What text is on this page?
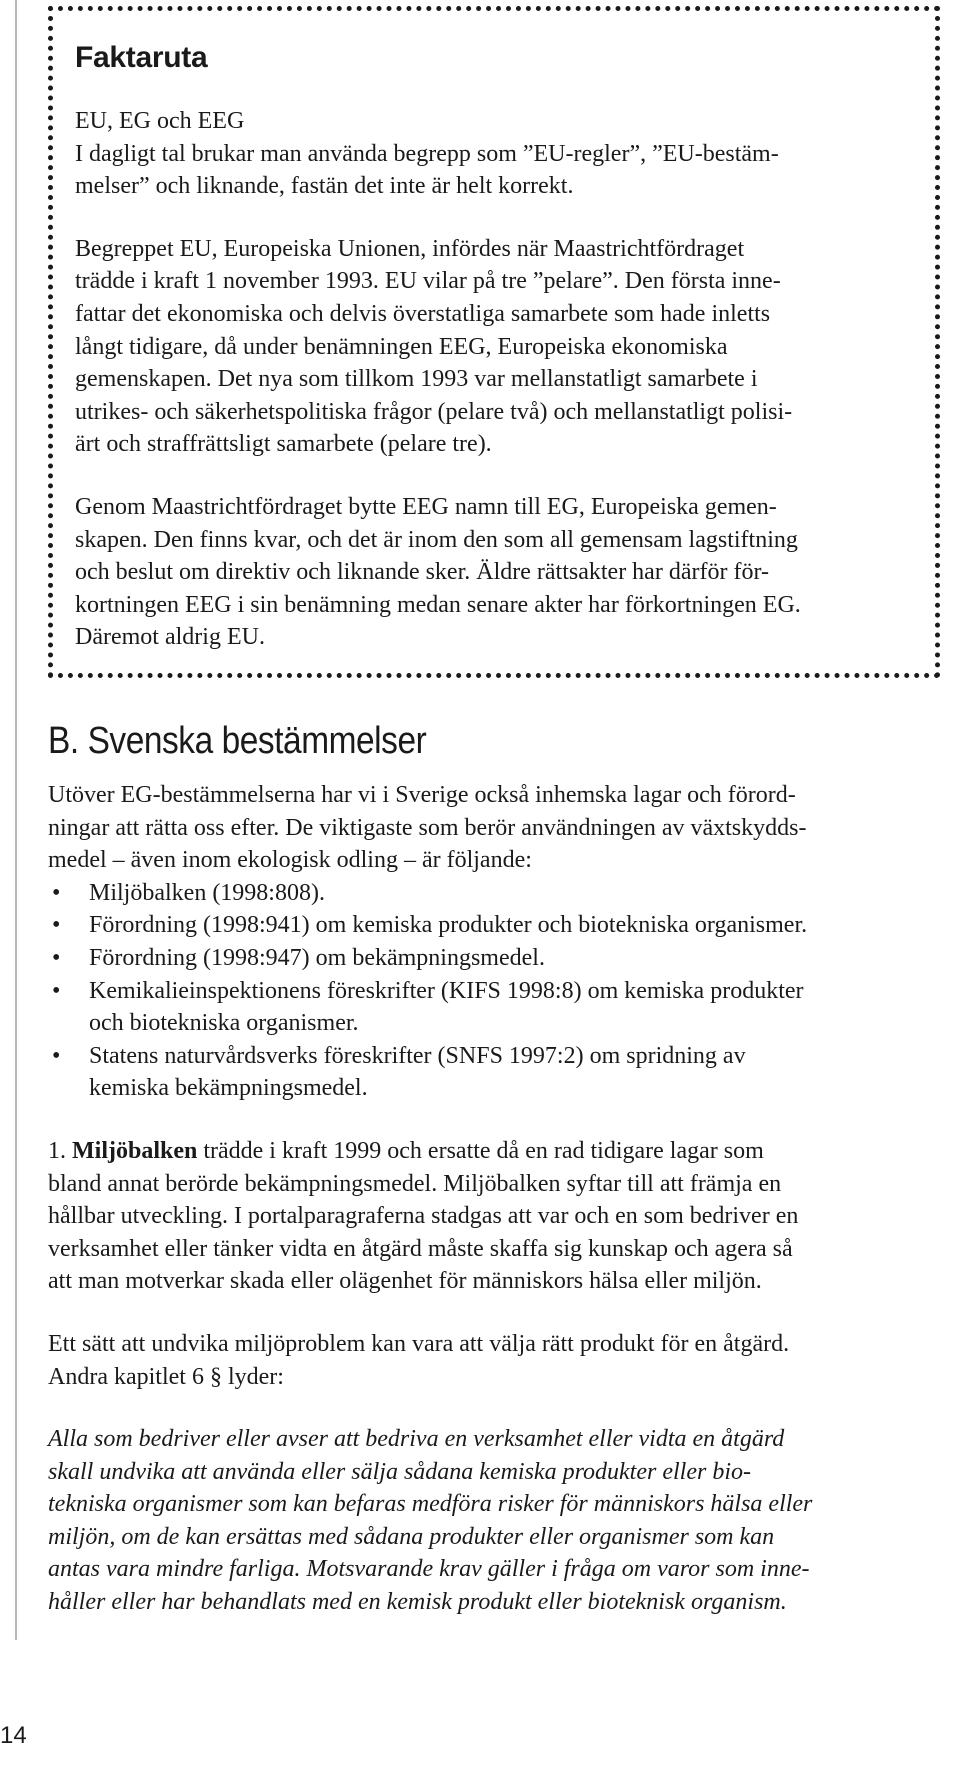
Faktaruta

EU, EG och EEG
I dagligt tal brukar man använda begrepp som ”EU-regler”, ”EU-bestäm-
melser” och liknande, fastän det inte är helt korrekt.

Begreppet EU, Europeiska Unionen, infördes när Maastrichtfördraget
trädde i kraft 1 november 1993. EU vilar på tre ”pelare”. Den första inne-
fattar det ekonomiska och delvis överstatliga samarbete som hade inletts
långt tidigare, då under benämningen EEG, Europeiska ekonomiska
gemenskapen. Det nya som tillkom 1993 var mellanstatligt samarbete i
utrikes- och säkerhetspolitiska frågor (pelare två) och mellanstatligt polisi-
ärt och straffrättsligt samarbete (pelare tre).

Genom Maastrichtfördraget bytte EEG namn till EG, Europeiska gemen-
skapen. Den finns kvar, och det är inom den som all gemensam lagstiftning
och beslut om direktiv och liknande sker. Äldre rättsakter har därför för-
kortningen EEG i sin benämning medan senare akter har förkortningen EG.
Däremot aldrig EU.

B. Svenska bestämmelser

Utöver EG-bestämmelserna har vi i Sverige också inhemska lagar och förord-
ningar att rätta oss efter. De viktigaste som berör användningen av växtskydds-
medel – även inom ekologisk odling – är följande:

• Miljöbalken (1998:808).
• Förordning (1998:941) om kemiska produkter och biotekniska organismer.
• Förordning (1998:947) om bekämpningsmedel.
• Kemikalieinspektionens föreskrifter (KIFS 1998:8) om kemiska produkter
och biotekniska organismer.
• Statens naturvårdsverks föreskrifter (SNFS 1997:2) om spridning av
kemiska bekämpningsmedel.

1. Miljöbalken trädde i kraft 1999 och ersatte då en rad tidigare lagar som
bland annat berörde bekämpningsmedel. Miljöbalken syftar till att främja en
hållbar utveckling. I portalparagraferna stadgas att var och en som bedriver en
verksamhet eller tänker vidta en åtgärd måste skaffa sig kunskap och agera så
att man motverkar skada eller olägenhet för människors hälsa eller miljön.

Ett sätt att undvika miljöproblem kan vara att välja rätt produkt för en åtgärd.
Andra kapitlet 6 § lyder:

Alla som bedriver eller avser att bedriva en verksamhet eller vidta en åtgärd
skall undvika att använda eller sälja sådana kemiska produkter eller bio-
tekniska organismer som kan befaras medföra risker för människors hälsa eller
miljön, om de kan ersättas med sådana produkter eller organismer som kan
antas vara mindre farliga. Motsvarande krav gäller i fråga om varor som inne-
håller eller har behandlats med en kemisk produkt eller bioteknisk organism.

14
